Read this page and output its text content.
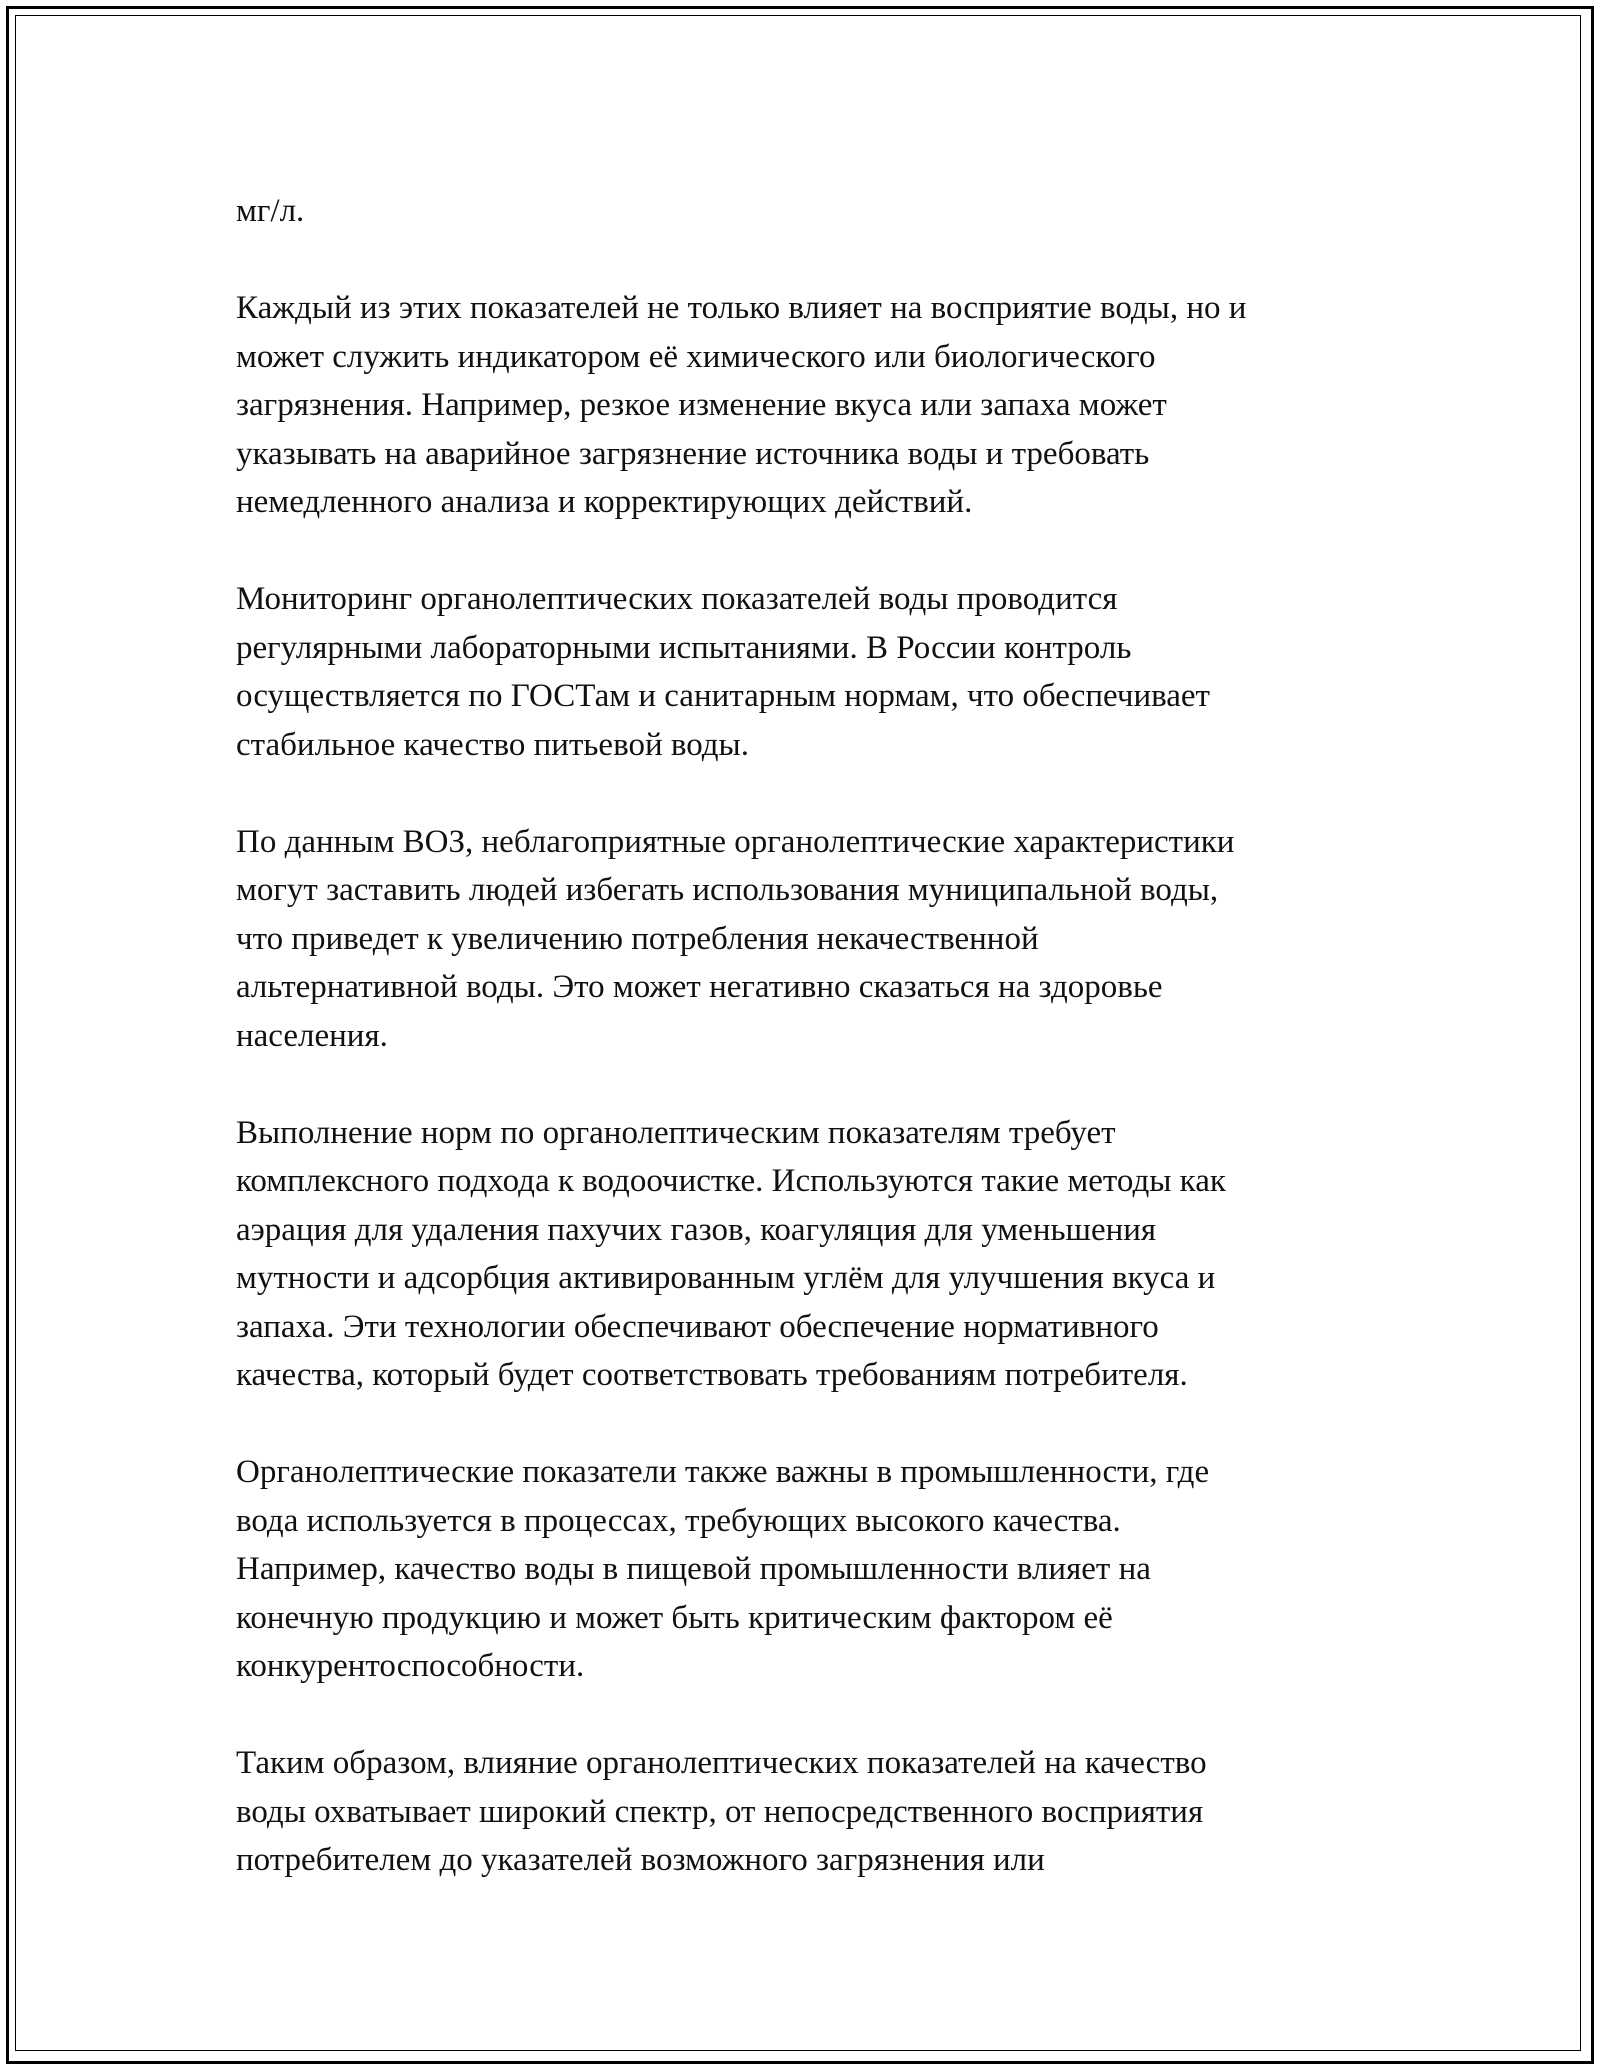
мг/л.

Каждый из этих показателей не только влияет на восприятие воды, но и
может служить индикатором её химического или биологического
загрязнения. Например, резкое изменение вкуса или запаха может
указывать на аварийное загрязнение источника воды и требовать
немедленного анализа и корректирующих действий.

Мониторинг органолептических показателей воды проводится
регулярными лабораторными испытаниями. В России контроль
осуществляется по ГОСТам и санитарным нормам, что обеспечивает
стабильное качество питьевой воды.

По данным ВОЗ, неблагоприятные органолептические характеристики
могут заставить людей избегать использования муниципальной воды,
что приведет к увеличению потребления некачественной
альтернативной воды. Это может негативно сказаться на здоровье
населения.

Выполнение норм по органолептическим показателям требует
комплексного подхода к водоочистке. Используются такие методы как
аэрация для удаления пахучих газов, коагуляция для уменьшения
мутности и адсорбция активированным углём для улучшения вкуса и
запаха. Эти технологии обеспечивают обеспечение нормативного
качества, который будет соответствовать требованиям потребителя.

Органолептические показатели также важны в промышленности, где
вода используется в процессах, требующих высокого качества.
Например, качество воды в пищевой промышленности влияет на
конечную продукцию и может быть критическим фактором её
конкурентоспособности.

Таким образом, влияние органолептических показателей на качество
воды охватывает широкий спектр, от непосредственного восприятия
потребителем до указателей возможного загрязнения или
